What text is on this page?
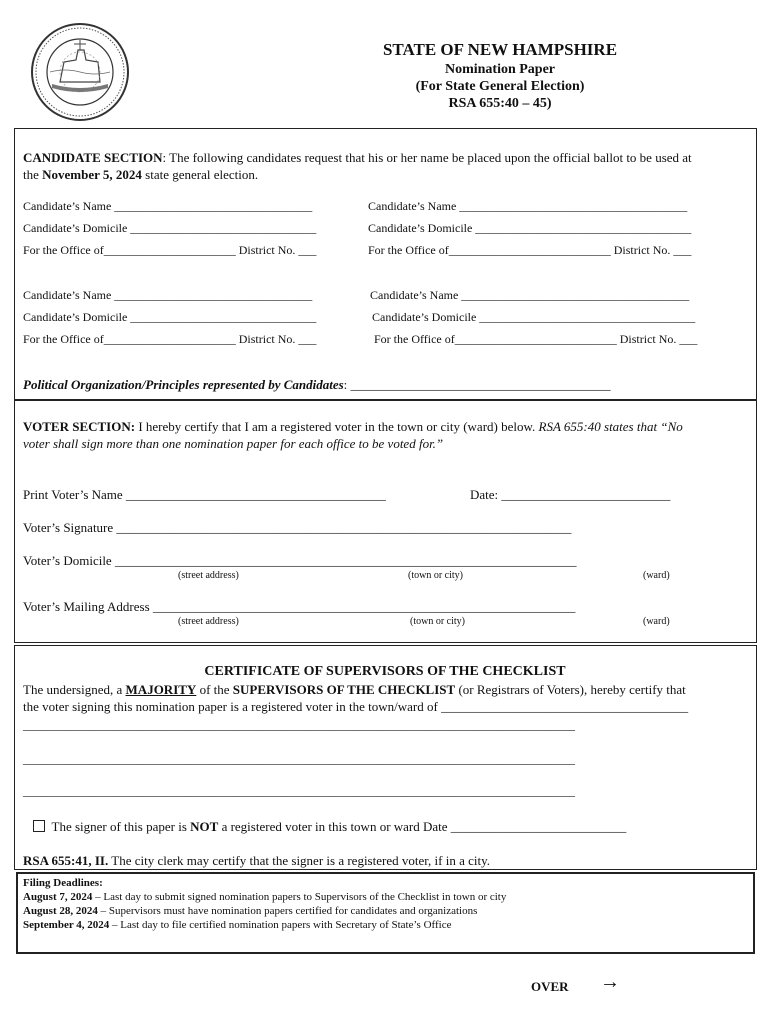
STATE OF NEW HAMPSHIRE
Nomination Paper
(For State General Election)
RSA 655:40 – 45)
CANDIDATE SECTION: The following candidates request that his or her name be placed upon the official ballot to be used at
the November 5, 2024 state general election.
Candidate’s Name _________________________________	Candidate’s Name ______________________________________
Candidate’s Domicile _______________________________	Candidate’s Domicile ____________________________________
For the Office of______________________ District No. ___	For the Office of___________________________ District No. ___
Candidate’s Name _________________________________	Candidate’s Name ______________________________________
Candidate’s Domicile _______________________________	Candidate’s Domicile ____________________________________
For the Office of______________________ District No. ___	For the Office of___________________________ District No. ___
Political Organization/Principles represented by Candidates: ________________________________________
VOTER SECTION: I hereby certify that I am a registered voter in the town or city (ward) below. RSA 655:40 states that “No
voter shall sign more than one nomination paper for each office to be voted for.”
Print Voter’s Name ________________________________________	Date: __________________________
Voter’s Signature ______________________________________________________________________
Voter’s Domicile _______________________________________________________________________
(street address)	(town or city)	(ward)
Voter’s Mailing Address _________________________________________________________________
(street address)	(town or city)	(ward)
CERTIFICATE OF SUPERVISORS OF THE CHECKLIST
The undersigned, a MAJORITY of the SUPERVISORS OF THE CHECKLIST (or Registrars of Voters), hereby certify that
the voter signing this nomination paper is a registered voter in the town/ward of ______________________________________
____________________________________________________________________________________________
____________________________________________________________________________________________
____________________________________________________________________________________________
The signer of this paper is NOT a registered voter in this town or ward Date ___________________________
RSA 655:41, II. The city clerk may certify that the signer is a registered voter, if in a city.
Filing Deadlines:
August 7, 2024 – Last day to submit signed nomination papers to Supervisors of the Checklist in town or city
August 28, 2024 – Supervisors must have nomination papers certified for candidates and organizations
September 4, 2024 – Last day to file certified nomination papers with Secretary of State’s Office
OVER →
